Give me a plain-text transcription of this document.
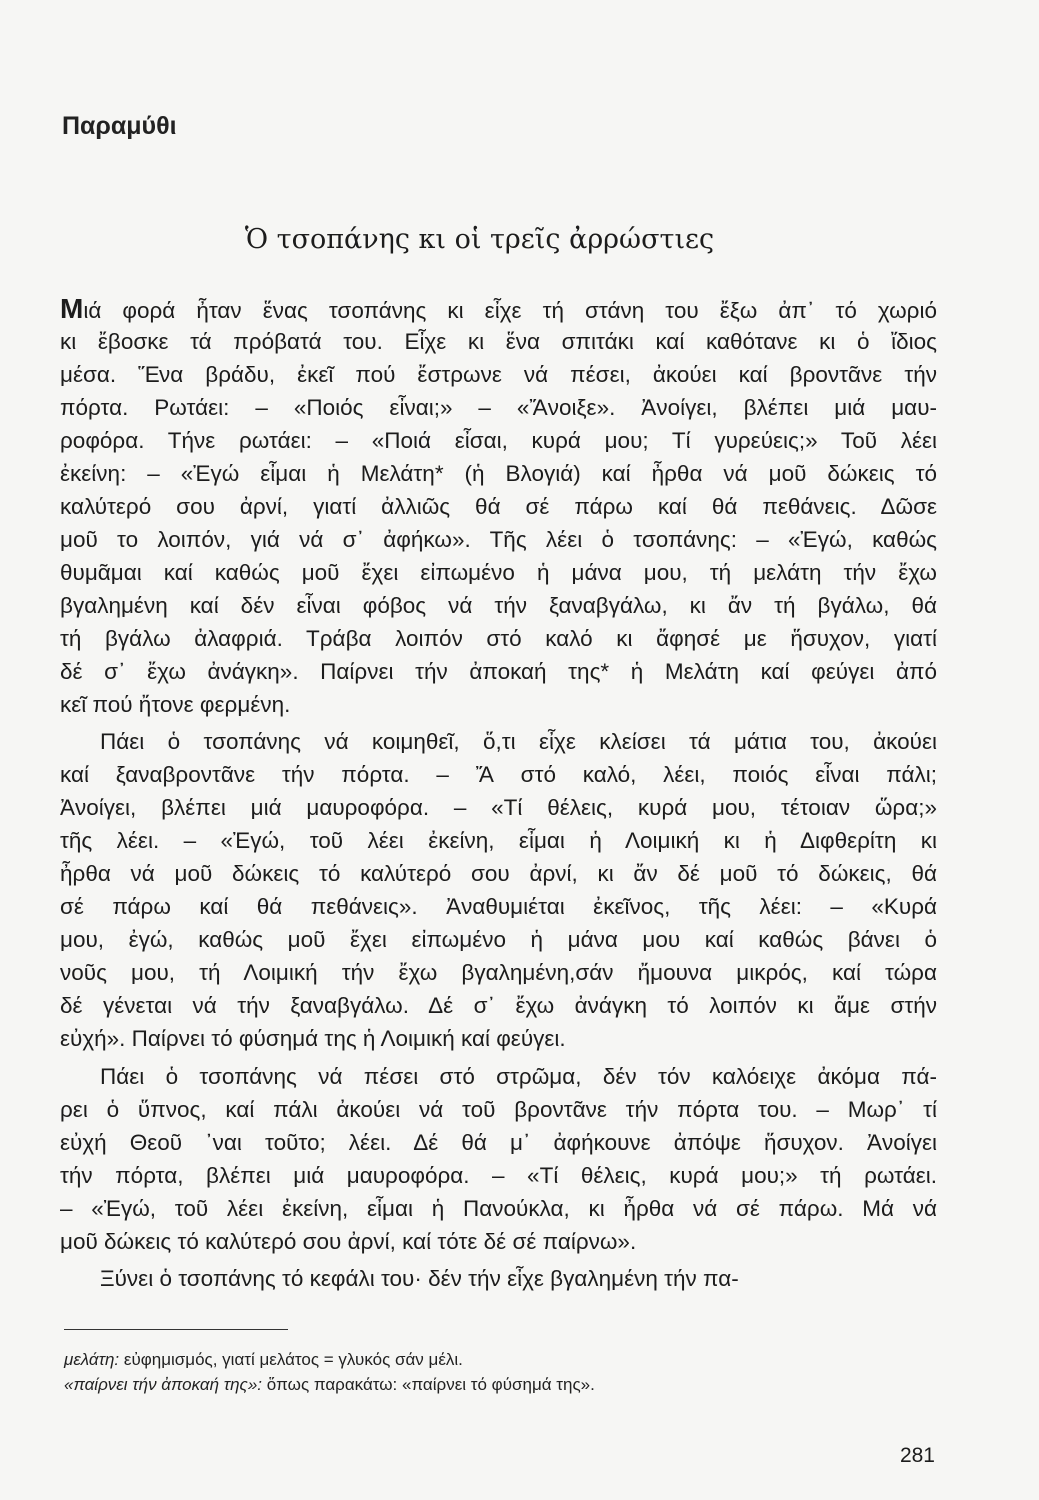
Παραμύθι
Ὁ τσοπάνης κι οἱ τρεῖς ἀρρώστιες
Μιά φορά ἦταν ἕνας τσοπάνης κι εἶχε τή στάνη του ἔξω ἀπ᾽ τό χωριό
κι ἔβοσκε τά πρόβατά του. Εἶχε κι ἕνα σπιτάκι καί καθότανε κι ὁ ἴδιος
μέσα. Ἕνα βράδυ, ἐκεῖ πού ἔστρωνε νά πέσει, ἀκούει καί βροντᾶνε τήν
πόρτα. Ρωτάει: – «Ποιός εἶναι;» – «Ἄνοιξε». Ἀνοίγει, βλέπει μιά μαυ-
ροφόρα. Τήνε ρωτάει: – «Ποιά εἶσαι, κυρά μου; Τί γυρεύεις;» Τοῦ λέει
ἐκείνη: – «Ἐγώ εἶμαι ἡ Μελάτη* (ἡ Βλογιά) καί ἦρθα νά μοῦ δώκεις τό
καλύτερό σου ἀρνί, γιατί ἀλλιῶς θά σέ πάρω καί θά πεθάνεις. Δῶσε
μοῦ το λοιπόν, γιά νά σ᾽ ἀφήκω». Τῆς λέει ὁ τσοπάνης: – «Ἐγώ, καθώς
θυμᾶμαι καί καθώς μοῦ ἔχει εἰπωμένο ἡ μάνα μου, τή μελάτη τήν ἔχω
βγαλημένη καί δέν εἶναι φόβος νά τήν ξαναβγάλω, κι ἄν τή βγάλω, θά
τή βγάλω ἀλαφριά. Τράβα λοιπόν στό καλό κι ἄφησέ με ἥσυχον, γιατί
δέ σ᾽ ἔχω ἀνάγκη». Παίρνει τήν ἀποκαή της* ἡ Μελάτη καί φεύγει ἀπό
κεῖ πού ἤτονε φερμένη.
Πάει ὁ τσοπάνης νά κοιμηθεῖ, ὅ,τι εἶχε κλείσει τά μάτια του, ἀκούει
καί ξαναβροντᾶνε τήν πόρτα. – Ἄ στό καλό, λέει, ποιός εἶναι πάλι;
Ἀνοίγει, βλέπει μιά μαυροφόρα. – «Τί θέλεις, κυρά μου, τέτοιαν ὥρα;»
τῆς λέει. – «Ἐγώ, τοῦ λέει ἐκείνη, εἶμαι ἡ Λοιμική κι ἡ Διφθερίτη κι
ἦρθα νά μοῦ δώκεις τό καλύτερό σου ἀρνί, κι ἄν δέ μοῦ τό δώκεις, θά
σέ πάρω καί θά πεθάνεις». Ἀναθυμιέται ἐκεῖνος, τῆς λέει: – «Κυρά
μου, ἐγώ, καθώς μοῦ ἔχει εἰπωμένο ἡ μάνα μου καί καθώς βάνει ὁ
νοῦς μου, τή Λοιμική τήν ἔχω βγαλημένη,σάν ἤμουνα μικρός, καί τώρα
δέ γένεται νά τήν ξαναβγάλω. Δέ σ᾽ ἔχω ἀνάγκη τό λοιπόν κι ἄμε στήν
εὐχή». Παίρνει τό φύσημά της ἡ Λοιμική καί φεύγει.
Πάει ὁ τσοπάνης νά πέσει στό στρῶμα, δέν τόν καλόειχε ἀκόμα πά-
ρει ὁ ὕπνος, καί πάλι ἀκούει νά τοῦ βροντᾶνε τήν πόρτα του. – Μωρ᾽ τί
εὐχή Θεοῦ ᾽ναι τοῦτο; λέει. Δέ θά μ᾽ ἀφήκουνε ἀπόψε ἥσυχον. Ἀνοίγει
τήν πόρτα, βλέπει μιά μαυροφόρα. – «Τί θέλεις, κυρά μου;» τή ρωτάει.
– «Ἐγώ, τοῦ λέει ἐκείνη, εἶμαι ἡ Πανούκλα, κι ἦρθα νά σέ πάρω. Μά νά
μοῦ δώκεις τό καλύτερό σου ἀρνί, καί τότε δέ σέ παίρνω».
Ξύνει ὁ τσοπάνης τό κεφάλι του· δέν τήν εἶχε βγαλημένη τήν πα-
μελάτη: εὐφημισμός, γιατί μελάτος = γλυκός σάν μέλι.
«παίρνει τήν ἀποκαή της»: ὅπως παρακάτω: «παίρνει τό φύσημά της».
281
